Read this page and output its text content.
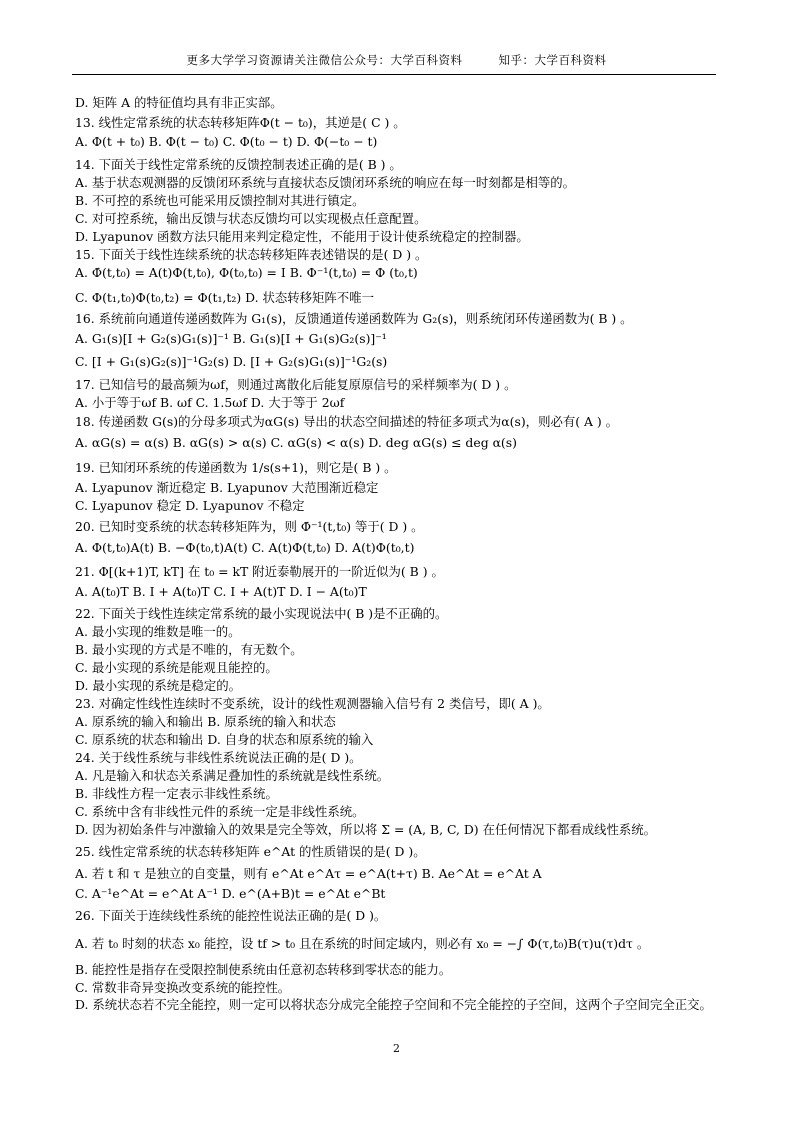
更多大学学习资源请关注微信公众号：大学百科资料	知乎：大学百科资料
D. 矩阵 A 的特征值均具有非正实部。
13. 线性定常系统的状态转移矩阵Φ(t − t₀)，其逆是( C ) 。
A. Φ(t + t₀) B. Φ(t − t₀) C. Φ(t₀ − t) D. Φ(−t₀ − t)
14. 下面关于线性定常系统的反馈控制表述正确的是( B ) 。
A. 基于状态观测器的反馈闭环系统与直接状态反馈闭环系统的响应在每一时刻都是相等的。
B. 不可控的系统也可能采用反馈控制对其进行镇定。
C. 对可控系统，输出反馈与状态反馈均可以实现极点任意配置。
D. Lyapunov 函数方法只能用来判定稳定性，不能用于设计使系统稳定的控制器。
15. 下面关于线性连续系统的状态转移矩阵表述错误的是( D ) 。
A. Φ̇(t,t₀) = A(t)Φ(t,t₀), Φ(t₀,t₀) = I B. Φ⁻¹(t,t₀) = Φ (t₀,t)
C. Φ(t₁,t₀)Φ(t₀,t₂) = Φ(t₁,t₂) D. 状态转移矩阵不唯一
16. 系统前向通道传递函数阵为 G₁(s)，反馈通道传递函数阵为 G₂(s)，则系统闭环传递函数为( B ) 。
A. G₁(s)[I + G₂(s)G₁(s)]⁻¹ B. G₁(s)[I + G₁(s)G₂(s)]⁻¹
C. [I + G₁(s)G₂(s)]⁻¹G₂(s) D. [I + G₂(s)G₁(s)]⁻¹G₂(s)
17. 已知信号的最高频为ωf，则通过离散化后能复原原信号的采样频率为( D ) 。
A. 小于等于ωf B. ωf C. 1.5ωf D. 大于等于 2ωf
18. 传递函数 G(s)的分母多项式为αG(s) 导出的状态空间描述的特征多项式为α(s)，则必有( A ) 。
A. αG(s) = α(s) B. αG(s) > α(s) C. αG(s) < α(s) D. deg αG(s) ≤ deg α(s)
19. 已知闭环系统的传递函数为 1/s(s+1)，则它是( B ) 。
A. Lyapunov 渐近稳定 B. Lyapunov 大范围渐近稳定
C. Lyapunov 稳定 D. Lyapunov 不稳定
20. 已知时变系统的状态转移矩阵为，则 Φ̇⁻¹(t,t₀) 等于( D ) 。
A. Φ(t,t₀)A(t) B. −Φ(t₀,t)A(t) C. A(t)Φ(t,t₀) D. A(t)Φ(t₀,t)
21. Φ[(k+1)T, kT] 在 t₀ = kT 附近泰勒展开的一阶近似为( B ) 。
A. A(t₀)T B. I + A(t₀)T C. I + A(t)T D. I − A(t₀)T
22. 下面关于线性连续定常系统的最小实现说法中( B )是不正确的。
A. 最小实现的维数是唯一的。
B. 最小实现的方式是不唯的，有无数个。
C. 最小实现的系统是能观且能控的。
D. 最小实现的系统是稳定的。
23. 对确定性线性连续时不变系统，设计的线性观测器输入信号有 2 类信号，即( A )。
A. 原系统的输入和输出 B. 原系统的输入和状态
C. 原系统的状态和输出 D. 自身的状态和原系统的输入
24. 关于线性系统与非线性系统说法正确的是( D )。
A. 凡是输入和状态关系满足叠加性的系统就是线性系统。
B. 非线性方程一定表示非线性系统。
C. 系统中含有非线性元件的系统一定是非线性系统。
D. 因为初始条件与冲激输入的效果是完全等效，所以将 Σ = (A, B, C, D) 在任何情况下都看成线性系统。
25. 线性定常系统的状态转移矩阵 e^At 的性质错误的是( D )。
A. 若 t 和 τ 是独立的自变量，则有 e^At e^Aτ = e^A(t+τ) B. Ae^At = e^At A
C. A⁻¹e^At = e^At A⁻¹ D. e^(A+B)t = e^At e^Bt
26. 下面关于连续线性系统的能控性说法正确的是( D )。
A. 若 t₀ 时刻的状态 x₀ 能控，设 tf > t₀ 且在系统的时间定域内，则必有 x₀ = −∫ Φ(τ,t₀)B(τ)u(τ)dτ 。
B. 能控性是指存在受限控制使系统由任意初态转移到零状态的能力。
C. 常数非奇异变换改变系统的能控性。
D. 系统状态若不完全能控，则一定可以将状态分成完全能控子空间和不完全能控的子空间，这两个子空间完全正交。
2
